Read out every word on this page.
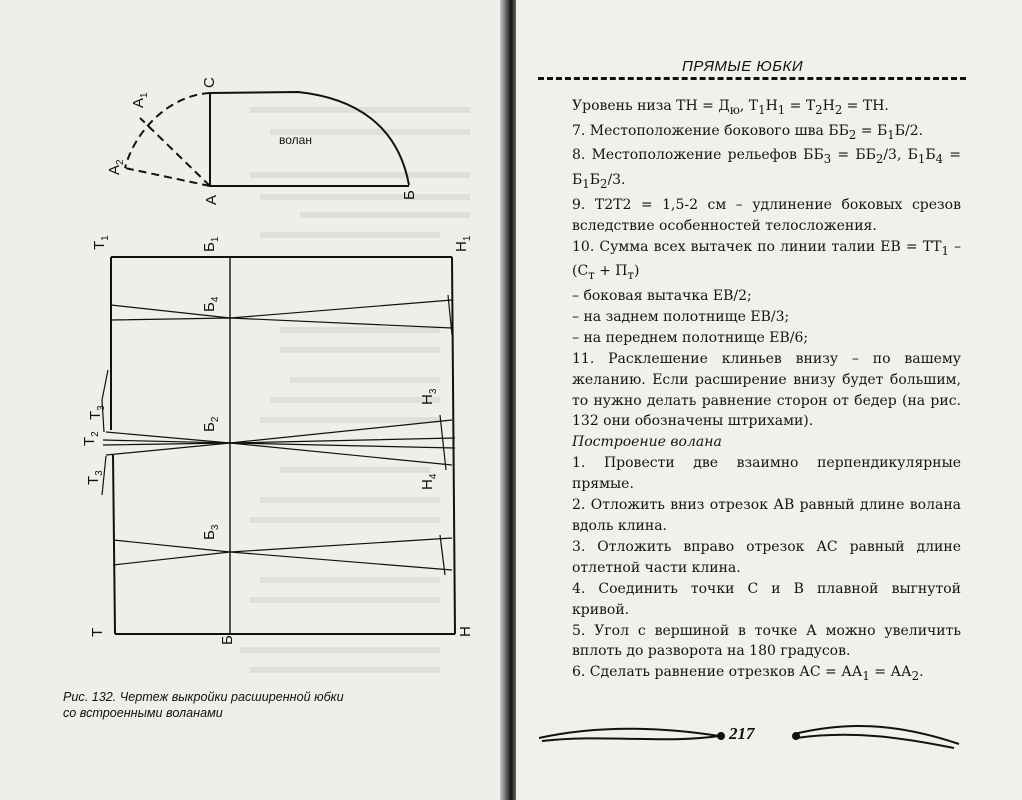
С
А	Б
$А_1$
$А_2$
волан
$Т_1$
$Б_1$
$Н_1$
$Б_4$
$Т_3$
$Т_2$
$Т_3$
$Б_2$
$Н_3$
$Н_4$
$Б_3$
Т
Б
Н
Рис. 132. Чертеж выкройки расширенной юбки
со встроенными воланами
ПРЯМЫЕ ЮБКИ

Уровень низа ТН = $Д_ю$, $Т_1Н_1 = Т_2Н_2$ = ТН.

7. Местоположение бокового шва $ББ_2 = Б_1Б/2$.

8. Местоположение рельефов $ББ_3 = ББ_2/3$, $Б_1Б_4 = Б_1Б_2/3$.

9. Т2Т2 = 1,5-2 см – удлинение боковых срезов вследствие особенностей телосложения.

10. Сумма всех вытачек по линии талии ЕВ = $ТТ_1 - (С_т + П_т)$

– боковая вытачка ЕВ/2;

– на заднем полотнище ЕВ/3;

– на переднем полотнище ЕВ/6;

11. Расклешение клиньев внизу – по вашему желанию. Если расширение внизу будет большим, то нужно делать равнение сторон от бедер (на рис. 132 они обозначены штрихами).

Построение волана

1. Провести две взаимно перпендикулярные прямые.

2. Отложить вниз отрезок АВ равный длине волана вдоль клина.

3. Отложить вправо отрезок АС равный длине отлетной части клина.

4. Соединить точки С и В плавной выгнутой кривой.

5. Угол с вершиной в точке А можно увеличить вплоть до разворота на 180 градусов.

6. Сделать равнение отрезков АС = $АА_1 = АА_2$.

217
